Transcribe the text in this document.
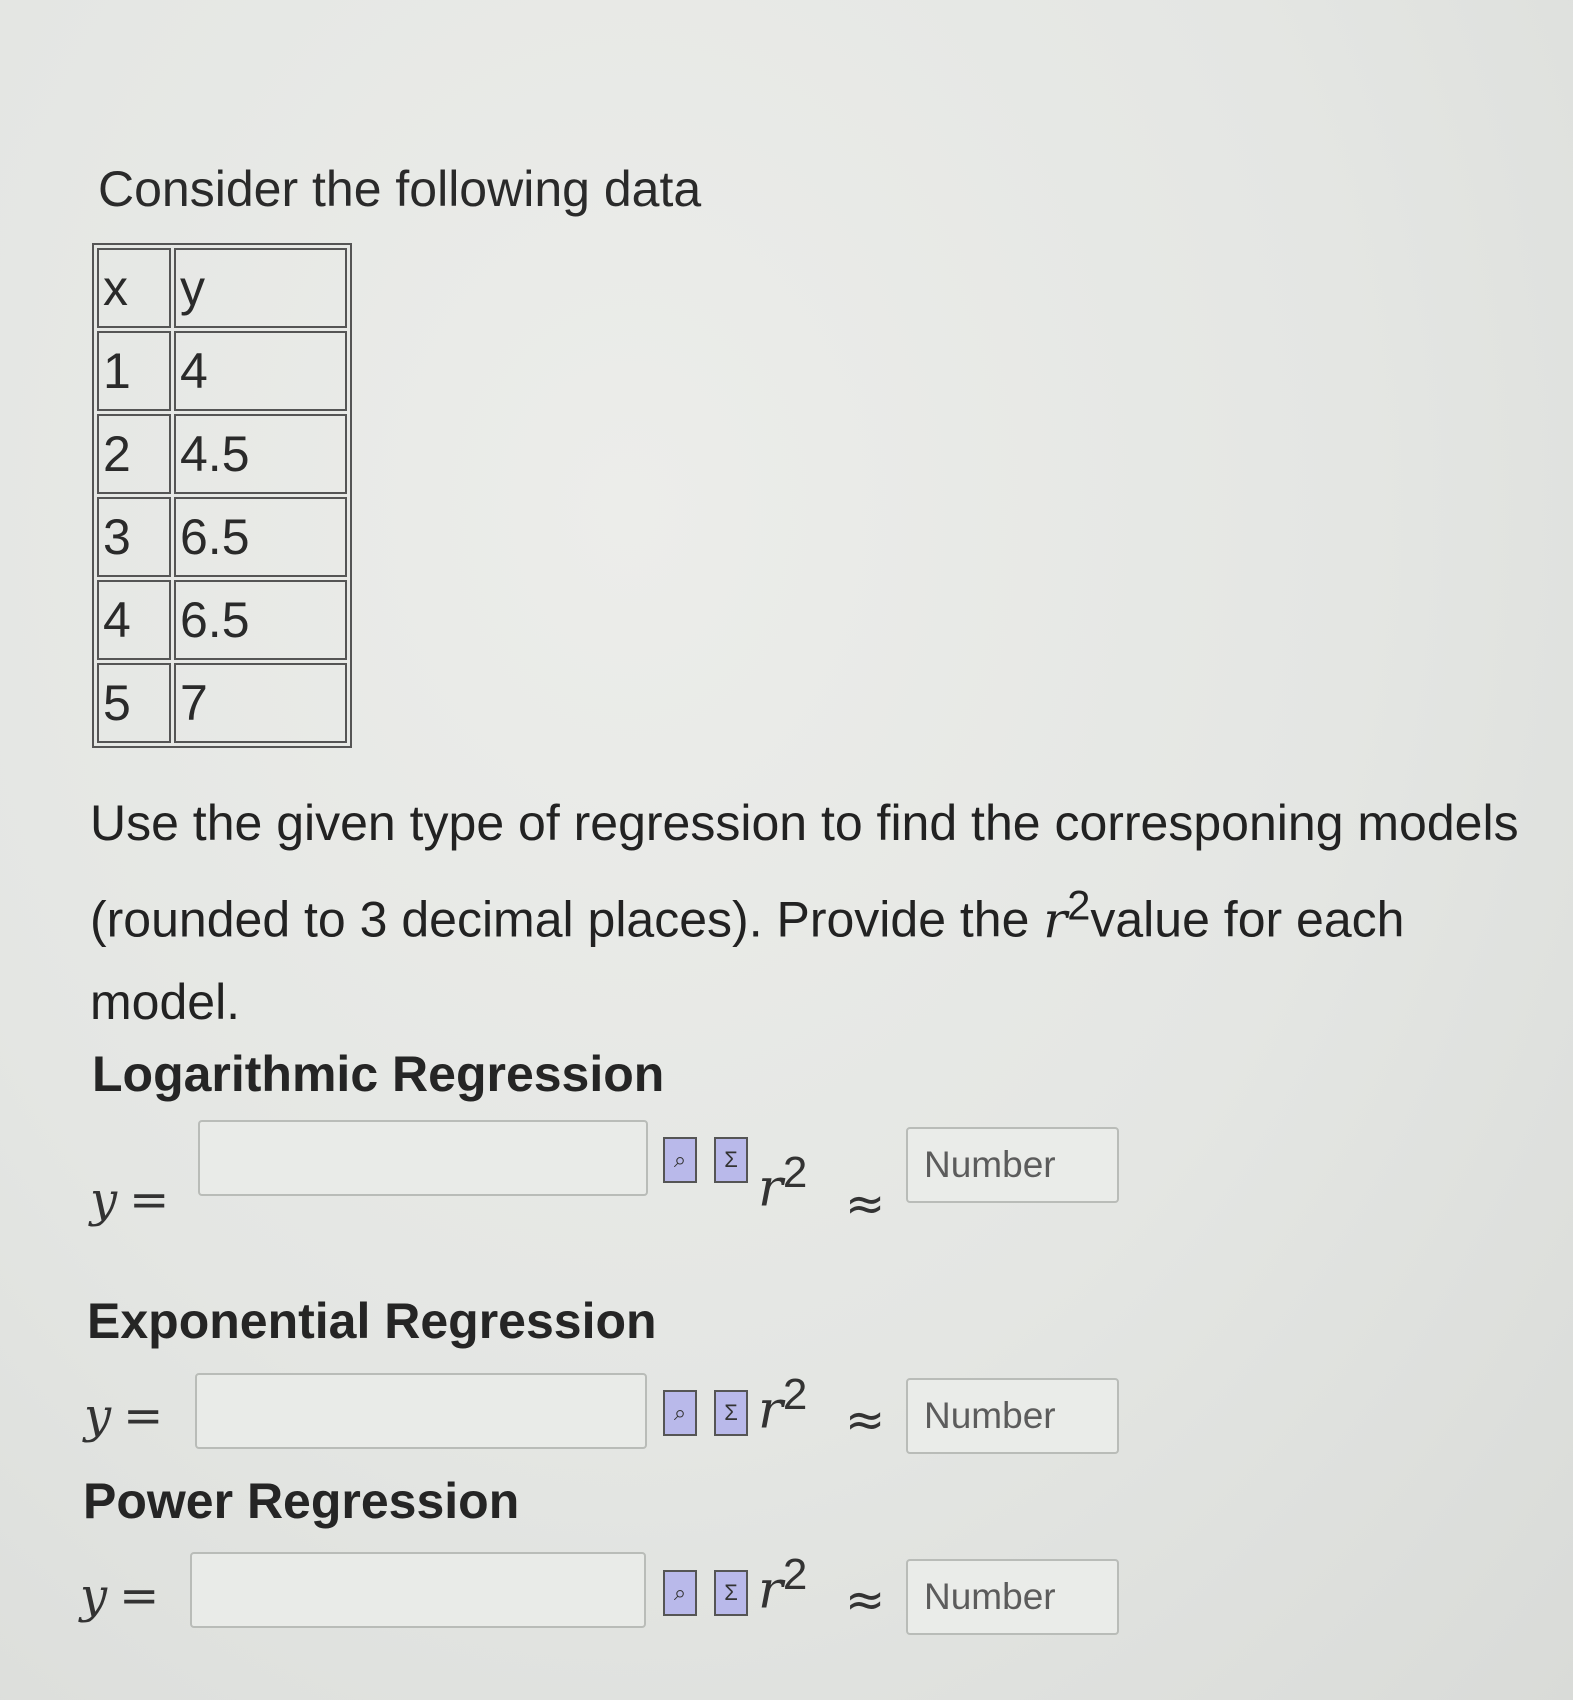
Consider the following data
x	y
1	4
2	4.5
3	6.5
4	6.5
5	7

Use the given type of regression to find the corresponing models (rounded to 3 decimal places). Provide the $r^2value$ for each model.

Logarithmic Regression
y =
⌕	Σ $r^2$
≈
Number
Exponential Regression
y =	⌕	Σ $r^2$ ≈
Number
Power Regression
y =	⌕	Σ $r^2$ ≈
Number
